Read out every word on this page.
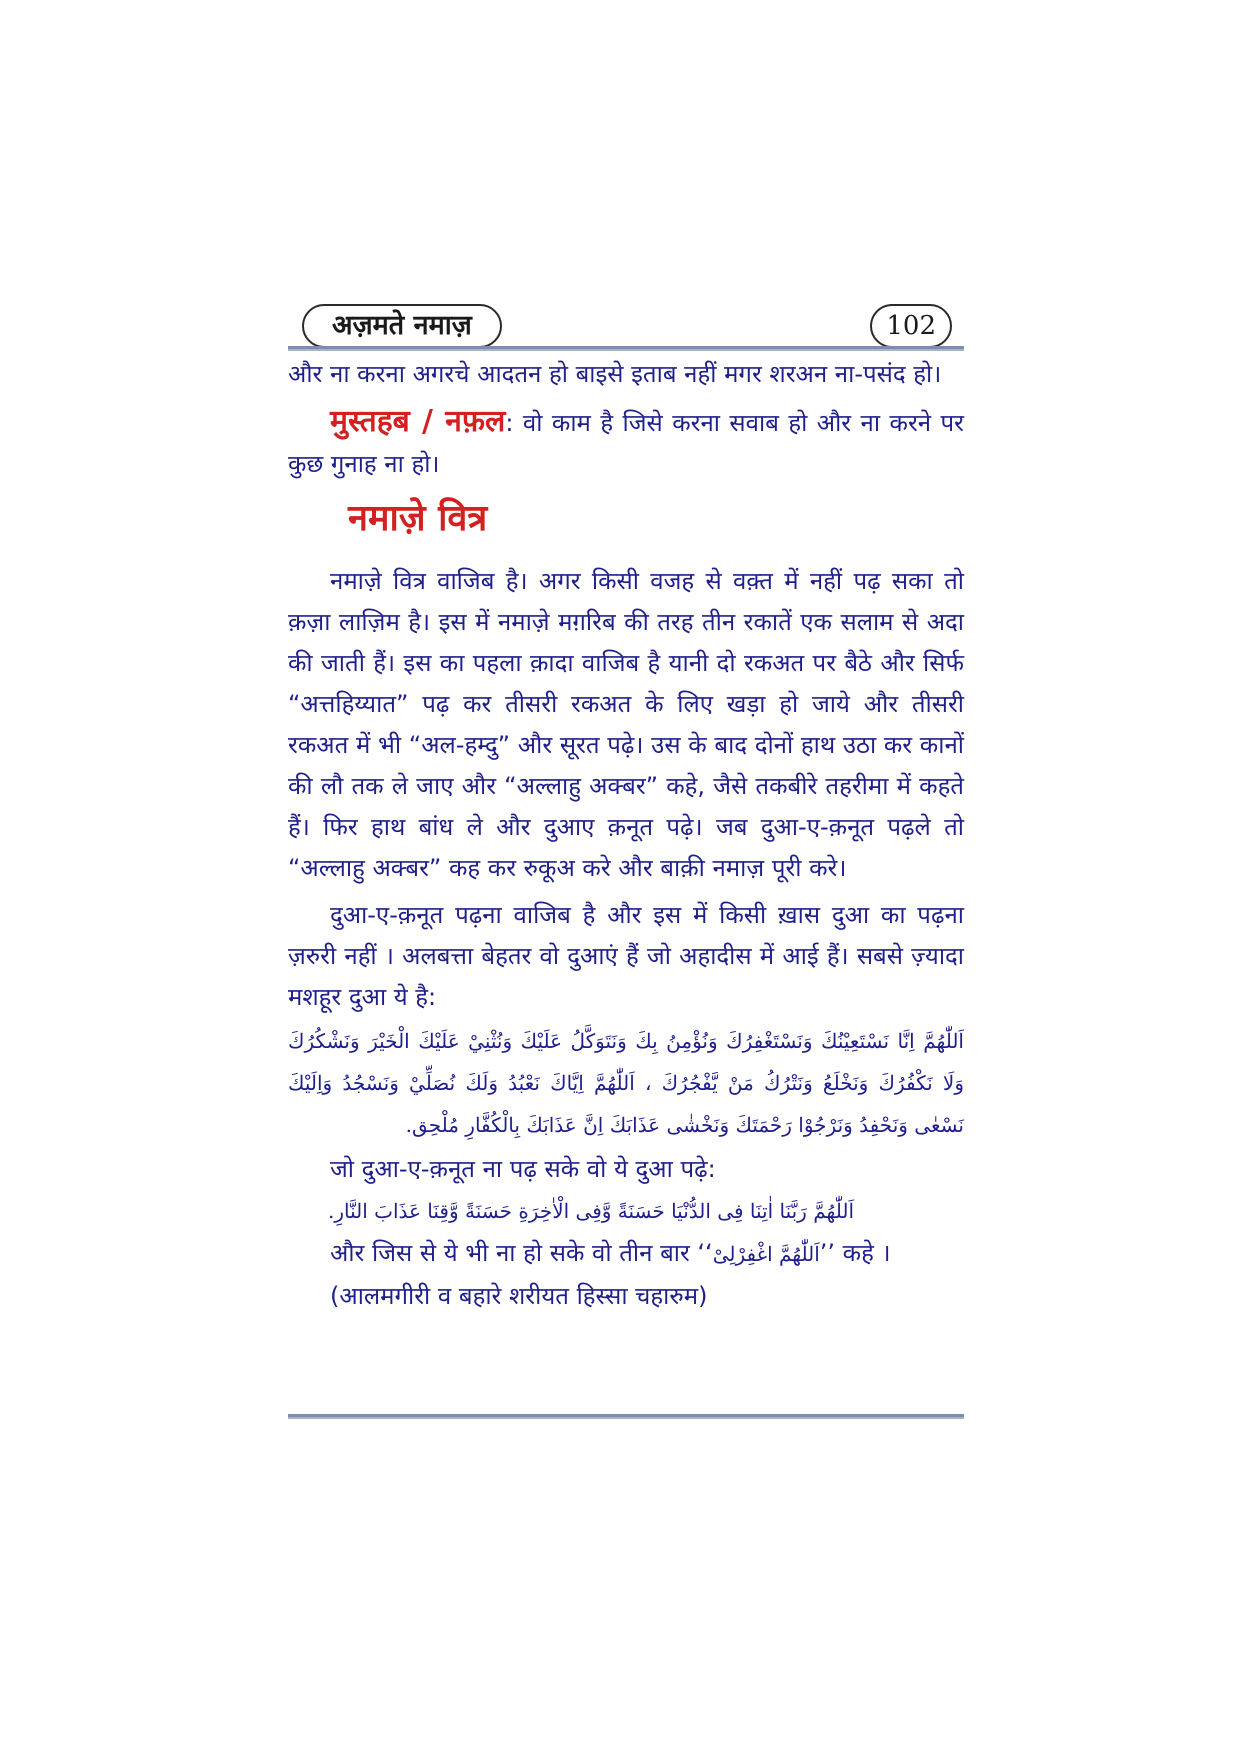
अज़मते नमाज़	102

और ना करना अगरचे आदतन हो बाइसे इताब नहीं मगर शरअन ना-पसंद हो।

मुस्तहब / नफ़ल: वो काम है जिसे करना सवाब हो और ना करने पर कुछ गुनाह ना हो।

नमाज़े वित्र

नमाज़े वित्र वाजिब है। अगर किसी वजह से वक़्त में नहीं पढ़ सका तो क़ज़ा लाज़िम है। इस में नमाज़े मग़रिब की तरह तीन रकातें एक सलाम से अदा की जाती हैं। इस का पहला क़ादा वाजिब है यानी दो रकअत पर बैठे और सिर्फ “अत्तहिय्यात” पढ़ कर तीसरी रकअत के लिए खड़ा हो जाये और तीसरी रकअत में भी “अल-हम्दु” और सूरत पढ़े। उस के बाद दोनों हाथ उठा कर कानों की लौ तक ले जाए और “अल्लाहु अक्बर” कहे, जैसे तकबीरे तहरीमा में कहते हैं। फिर हाथ बांध ले और दुआए क़नूत पढ़े। जब दुआ-ए-क़नूत पढ़ले तो “अल्लाहु अक्बर” कह कर रुकूअ करे और बाक़ी नमाज़ पूरी करे।

दुआ-ए-क़नूत पढ़ना वाजिब है और इस में किसी ख़ास दुआ का पढ़ना ज़रुरी नहीं । अलबत्ता बेहतर वो दुआएं हैं जो अहादीस में आई हैं। सबसे ज़्यादा मशहूर दुआ ये है:

اَللّٰهُمَّ اِنَّا نَسْتَعِيْنُكَ وَنَسْتَغْفِرُكَ وَنُؤْمِنُ بِكَ وَنَتَوَكَّلُ عَلَيْكَ وَنُثْنِيْ عَلَيْكَ الْخَيْرَ وَنَشْكُرُكَ وَلَا نَكْفُرُكَ وَنَخْلَعُ وَنَتْرُكُ مَنْ يَّفْجُرُكَ ، اَللّٰهُمَّ اِيَّاكَ نَعْبُدُ وَلَكَ نُصَلِّيْ وَنَسْجُدُ وَاِلَيْكَ نَسْعٰى وَنَحْفِدُ وَنَرْجُوْا رَحْمَتَكَ وَنَخْشٰى عَذَابَكَ اِنَّ عَذَابَكَ بِالْكُفَّارِ مُلْحِق.

जो दुआ-ए-क़नूत ना पढ़ सके वो ये दुआ पढ़े:

اَللّٰهُمَّ رَبَّنَا اٰتِنَا فِى الدُّنْيَا حَسَنَةً وَّفِى الْاٰخِرَةِ حَسَنَةً وَّقِنَا عَذَابَ النَّارِ.

और जिस से ये भी ना हो सके वो तीन बार ‘‘اَللّٰهُمَّ اغْفِرْلِىْ’’ कहे ।

(आलमगीरी व बहारे शरीयत हिस्सा चहारुम)
